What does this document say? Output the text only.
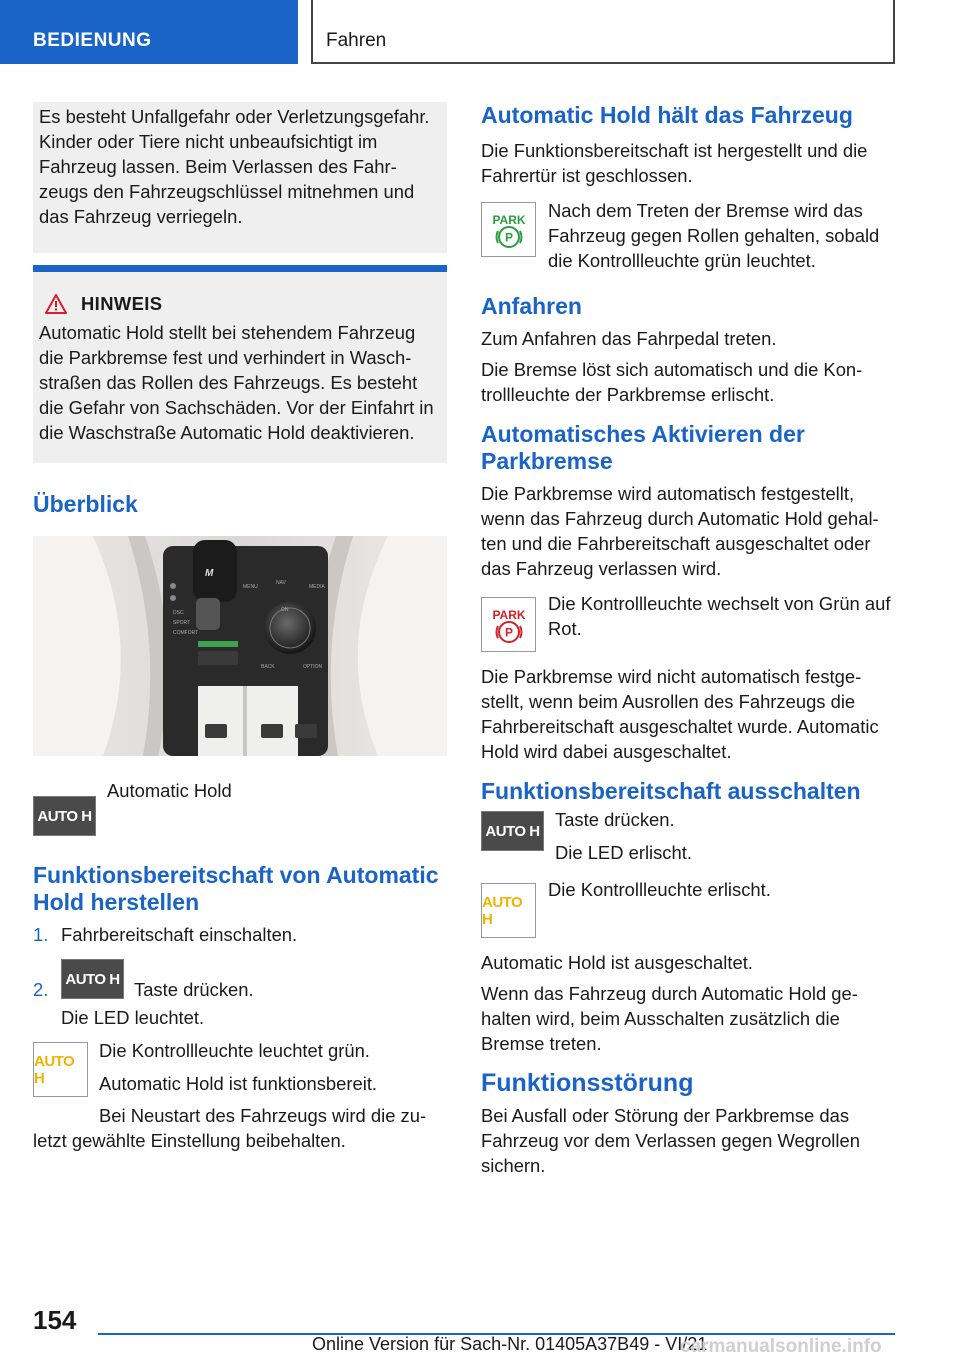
BEDIENUNG	Fahren

Es besteht Unfallgefahr oder Verletzungsgefahr. Kinder oder Tiere nicht unbeaufsichtigt im Fahrzeug lassen. Beim Verlassen des Fahrzeugs den Fahrzeugschlüssel mitnehmen und das Fahrzeug verriegeln.

HINWEIS

Automatic Hold stellt bei stehendem Fahrzeug die Parkbremse fest und verhindert in Waschstraßen das Rollen des Fahrzeugs. Es besteht die Gefahr von Sachschäden. Vor der Einfahrt in die Waschstraße Automatic Hold deaktivieren.

Überblick
M
MENU
NAV
MEDIA
ON
BACK	OPTION
DSC
SPORT
COMFORT
AUTO H

Automatic Hold

Funktionsbereitschaft von Automatic Hold herstellen
1. Fahrbereitschaft einschalten.
2.	AUTO H Taste drücken.

Die LED leuchtet.

AUTO H

Die Kontrollleuchte leuchtet grün.

Automatic Hold ist funktionsbereit.

Bei Neustart des Fahrzeugs wird die zuletzt gewählte Einstellung beibehalten.

Automatic Hold hält das Fahrzeug

Die Funktionsbereitschaft ist hergestellt und die Fahrertür ist geschlossen.

PARK
P

Nach dem Treten der Bremse wird das Fahrzeug gegen Rollen gehalten, sobald die Kontrollleuchte grün leuchtet.

Anfahren

Zum Anfahren das Fahrpedal treten.

Die Bremse löst sich automatisch und die Kontrollleuchte der Parkbremse erlischt.

Automatisches Aktivieren der Parkbremse

Die Parkbremse wird automatisch festgestellt, wenn das Fahrzeug durch Automatic Hold gehalten und die Fahrbereitschaft ausgeschaltet oder das Fahrzeug verlassen wird.

PARK
P

Die Kontrollleuchte wechselt von Grün auf Rot.

Die Parkbremse wird nicht automatisch festgestellt, wenn beim Ausrollen des Fahrzeugs die Fahrbereitschaft ausgeschaltet wurde. Automatic Hold wird dabei ausgeschaltet.

Funktionsbereitschaft ausschalten
AUTO H

Taste drücken.

Die LED erlischt.

AUTO H

Die Kontrollleuchte erlischt.

Automatic Hold ist ausgeschaltet.

Wenn das Fahrzeug durch Automatic Hold gehalten wird, beim Ausschalten zusätzlich die Bremse treten.

Funktionsstörung

Bei Ausfall oder Störung der Parkbremse das Fahrzeug vor dem Verlassen gegen Wegrollen sichern.

154
Online Version für Sach-Nr. 01405A37B49 - VI/21
carmanualsonline.info
